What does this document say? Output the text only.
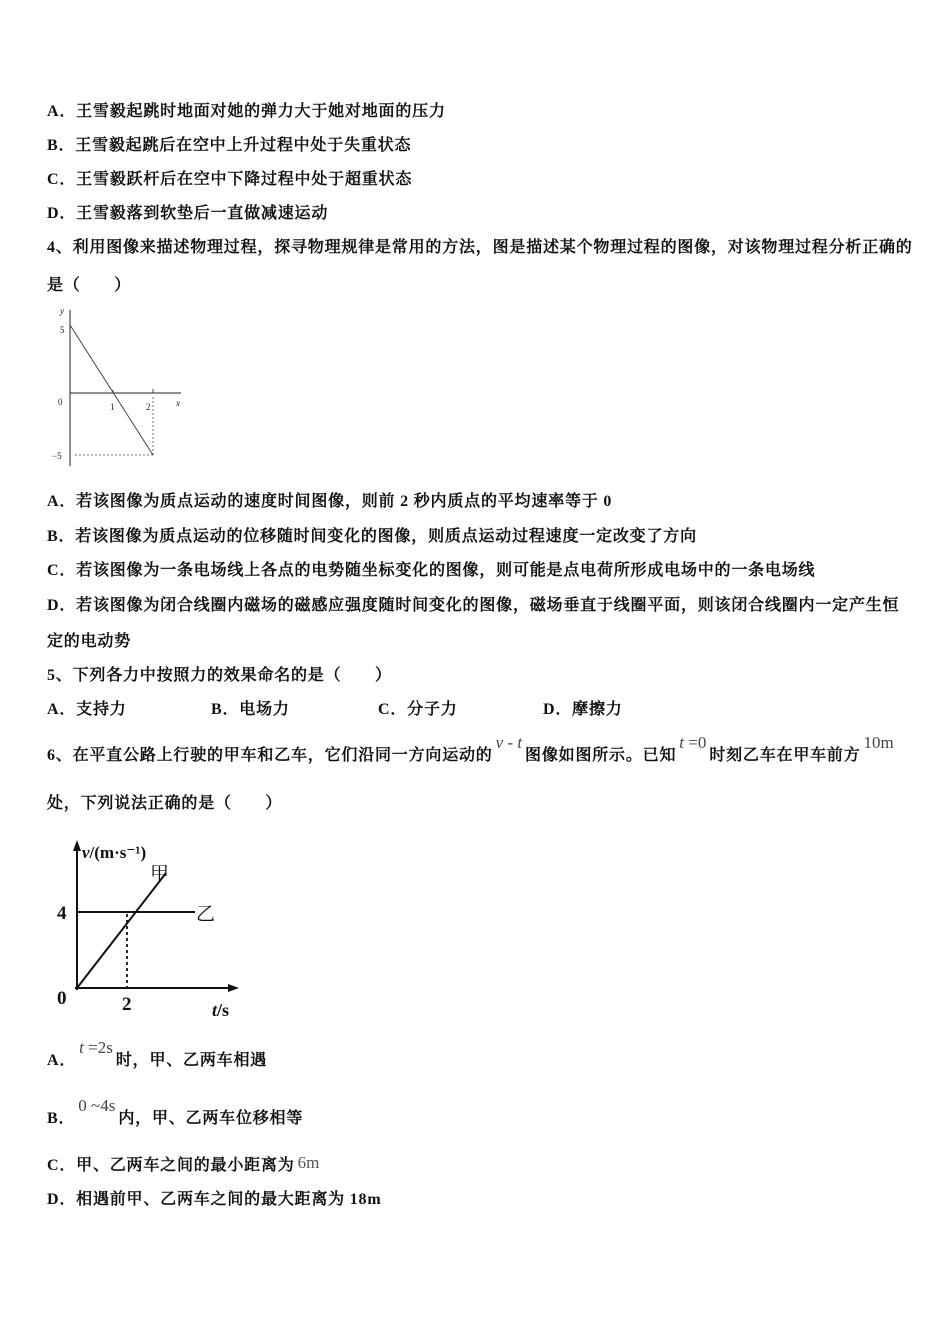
A．王雪毅起跳时地面对她的弹力大于她对地面的压力
B．王雪毅起跳后在空中上升过程中处于失重状态
C．王雪毅跃杆后在空中下降过程中处于超重状态
D．王雪毅落到软垫后一直做减速运动
4、利用图像来描述物理过程，探寻物理规律是常用的方法，图是描述某个物理过程的图像，对该物理过程分析正确的
是（　　）
y
5
0	1	2	x
−5
A．若该图像为质点运动的速度时间图像，则前 2 秒内质点的平均速率等于 0
B．若该图像为质点运动的位移随时间变化的图像，则质点运动过程速度一定改变了方向
C．若该图像为一条电场线上各点的电势随坐标变化的图像，则可能是点电荷所形成电场中的一条电场线
D．若该图像为闭合线圈内磁场的磁感应强度随时间变化的图像，磁场垂直于线圈平面，则该闭合线圈内一定产生恒
定的电动势
5、下列各力中按照力的效果命名的是（　　）
A．支持力	B．电场力	C．分子力	D．摩擦力
6、在平直公路上行驶的甲车和乙车，它们沿同一方向运动的v - t图像如图所示。已知t =0时刻乙车在甲车前方10m
处，下列说法正确的是（　　）
v/(m·s⁻¹)
甲
乙
4
0	2	t/s
A．t =2s时，甲、乙两车相遇
B．0 ~4s内，甲、乙两车位移相等
C．甲、乙两车之间的最小距离为 6m
D．相遇前甲、乙两车之间的最大距离为 18m
